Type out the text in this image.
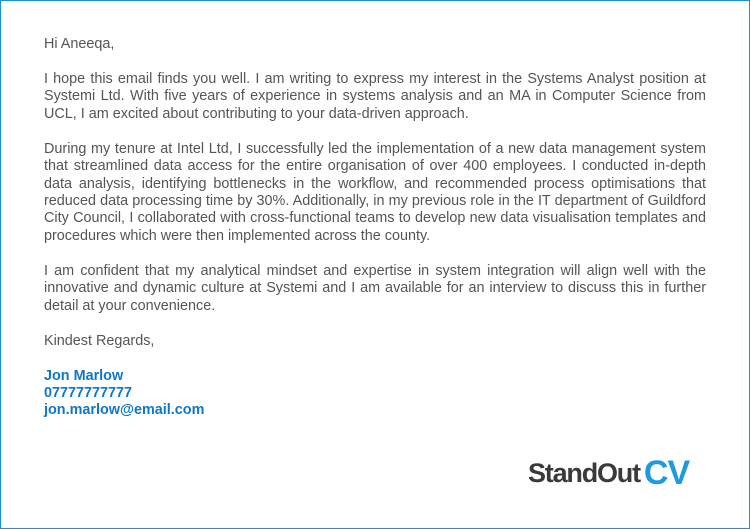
Hi Aneeqa,

I hope this email finds you well. I am writing to express my interest in the Systems Analyst position at Systemi Ltd. With five years of experience in systems analysis and an MA in Computer Science from UCL, I am excited about contributing to your data-driven approach.

During my tenure at Intel Ltd, I successfully led the implementation of a new data management system that streamlined data access for the entire organisation of over 400 employees. I conducted in-depth data analysis, identifying bottlenecks in the workflow, and recommended process optimisations that reduced data processing time by 30%. Additionally, in my previous role in the IT department of Guildford City Council, I collaborated with cross-functional teams to develop new data visualisation templates and procedures which were then implemented across the county.

I am confident that my analytical mindset and expertise in system integration will align well with the innovative and dynamic culture at Systemi and I am available for an interview to discuss this in further detail at your convenience.

Kindest Regards,

Jon Marlow

07777777777

jon.marlow@email.com

StandOut CV
